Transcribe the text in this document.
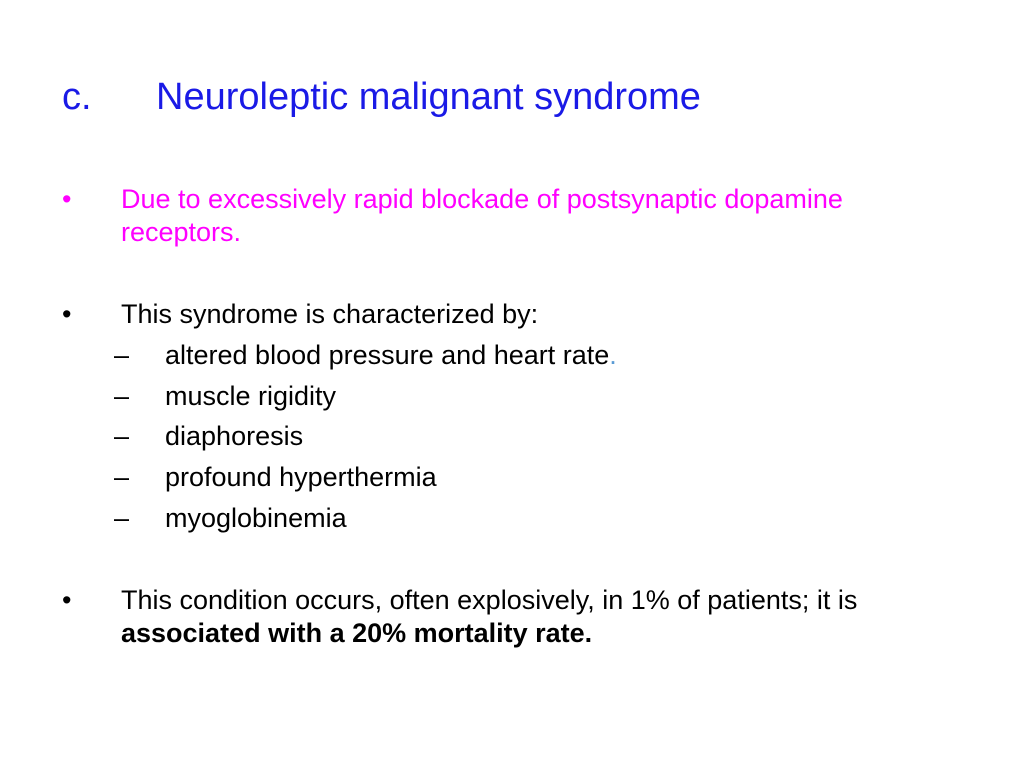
c. Neuroleptic malignant syndrome
•	Due to excessively rapid blockade of postsynaptic dopamine receptors.
•	This syndrome is characterized by:
– altered blood pressure and heart rate.
– muscle rigidity
– diaphoresis
– profound hyperthermia
– myoglobinemia
•	This condition occurs, often explosively, in 1% of patients; it is associated with a 20% mortality rate.
